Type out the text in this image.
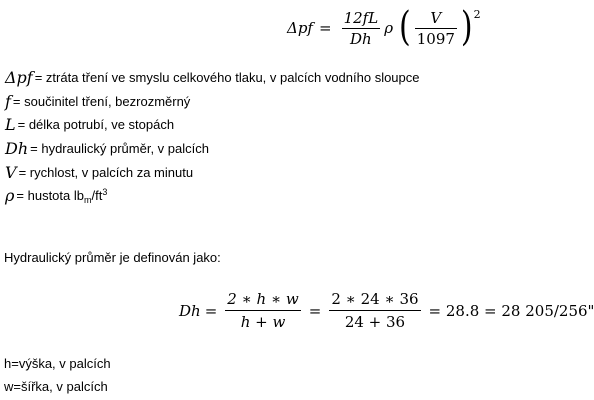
$\Delta pf = \frac{12fL}{Dh}$ ρ ( $\frac{V}{1097}$ ) 2
Δpf = ztráta tření ve smyslu celkového tlaku, v palcích vodního sloupce
f = součinitel tření, bezrozměrný
L = délka potrubí, ve stopách
Dh = hydraulický průměr, v palcích
V = rychlost, v palcích za minutu
ρ = hustota $lb_m/ft^3$
Hydraulický průměr je definován jako:
$Dh = \frac{2 ∗ h ∗ w}{h + w} = \frac{2 ∗ 24 ∗ 36}{24 + 36} = 28.8 = 28$ 205/256"
h=výška, v palcích
w=šířka, v palcích
